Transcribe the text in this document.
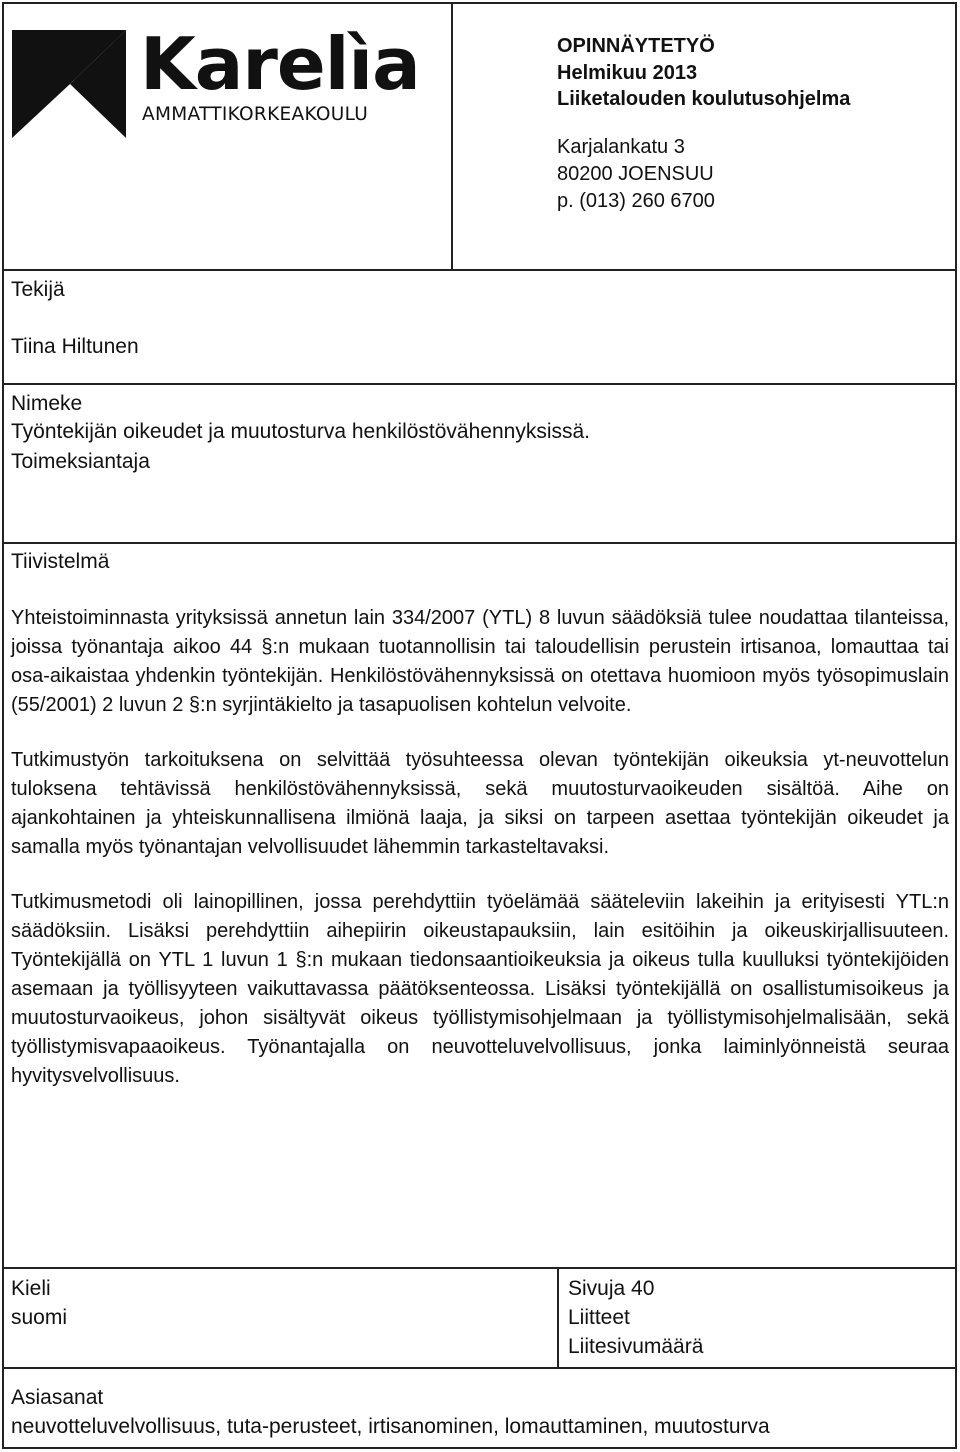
Karelìa
AMMATTIKORKEAKOULU
OPINNÄYTETYÖ
Helmikuu 2013
Liiketalouden koulutusohjelma
Karjalankatu 3
80200 JOENSUU
p. (013) 260 6700
Tekijä
Tiina Hiltunen
Nimeke
Työntekijän oikeudet ja muutosturva henkilöstövähennyksissä.
Toimeksiantaja
Tiivistelmä

Yhteistoiminnasta yrityksissä annetun lain 334/2007 (YTL) 8 luvun säädöksiä tulee noudattaa tilanteissa, joissa työnantaja aikoo 44 §:n mukaan tuotannollisin tai taloudellisin perustein irtisanoa, lomauttaa tai osa-aikaistaa yhdenkin työntekijän. Henkilöstövähennyksissä on otettava huomioon myös työsopimuslain (55/2001) 2 luvun 2 §:n syrjintäkielto ja tasapuolisen kohtelun velvoite.

Tutkimustyön tarkoituksena on selvittää työsuhteessa olevan työntekijän oikeuksia yt-neuvottelun tuloksena tehtävissä henkilöstövähennyksissä, sekä muutosturvaoikeuden sisältöä. Aihe on ajankohtainen ja yhteiskunnallisena ilmiönä laaja, ja siksi on tarpeen asettaa työntekijän oikeudet ja samalla myös työnantajan velvollisuudet lähemmin tarkasteltavaksi.

Tutkimusmetodi oli lainopillinen, jossa perehdyttiin työelämää sääteleviin lakeihin ja erityisesti YTL:n säädöksiin. Lisäksi perehdyttiin aihepiirin oikeustapauksiin, lain esitöihin ja oikeuskirjallisuuteen. Työntekijällä on YTL 1 luvun 1 §:n mukaan tiedonsaantioikeuksia ja oikeus tulla kuulluksi työntekijöiden asemaan ja työllisyyteen vaikuttavassa päätöksenteossa. Lisäksi työntekijällä on osallistumisoikeus ja muutosturvaoikeus, johon sisältyvät oikeus työllistymisohjelmaan ja työllistymisohjelmalisään, sekä työllistymisvapaaoikeus. Työnantajalla on neuvotteluvelvollisuus, jonka laiminlyönneistä seuraa hyvitysvelvollisuus.

Kieli
suomi
Sivuja 40
Liitteet
Liitesivumäärä
Asiasanat
neuvotteluvelvollisuus, tuta-perusteet, irtisanominen, lomauttaminen, muutosturva
